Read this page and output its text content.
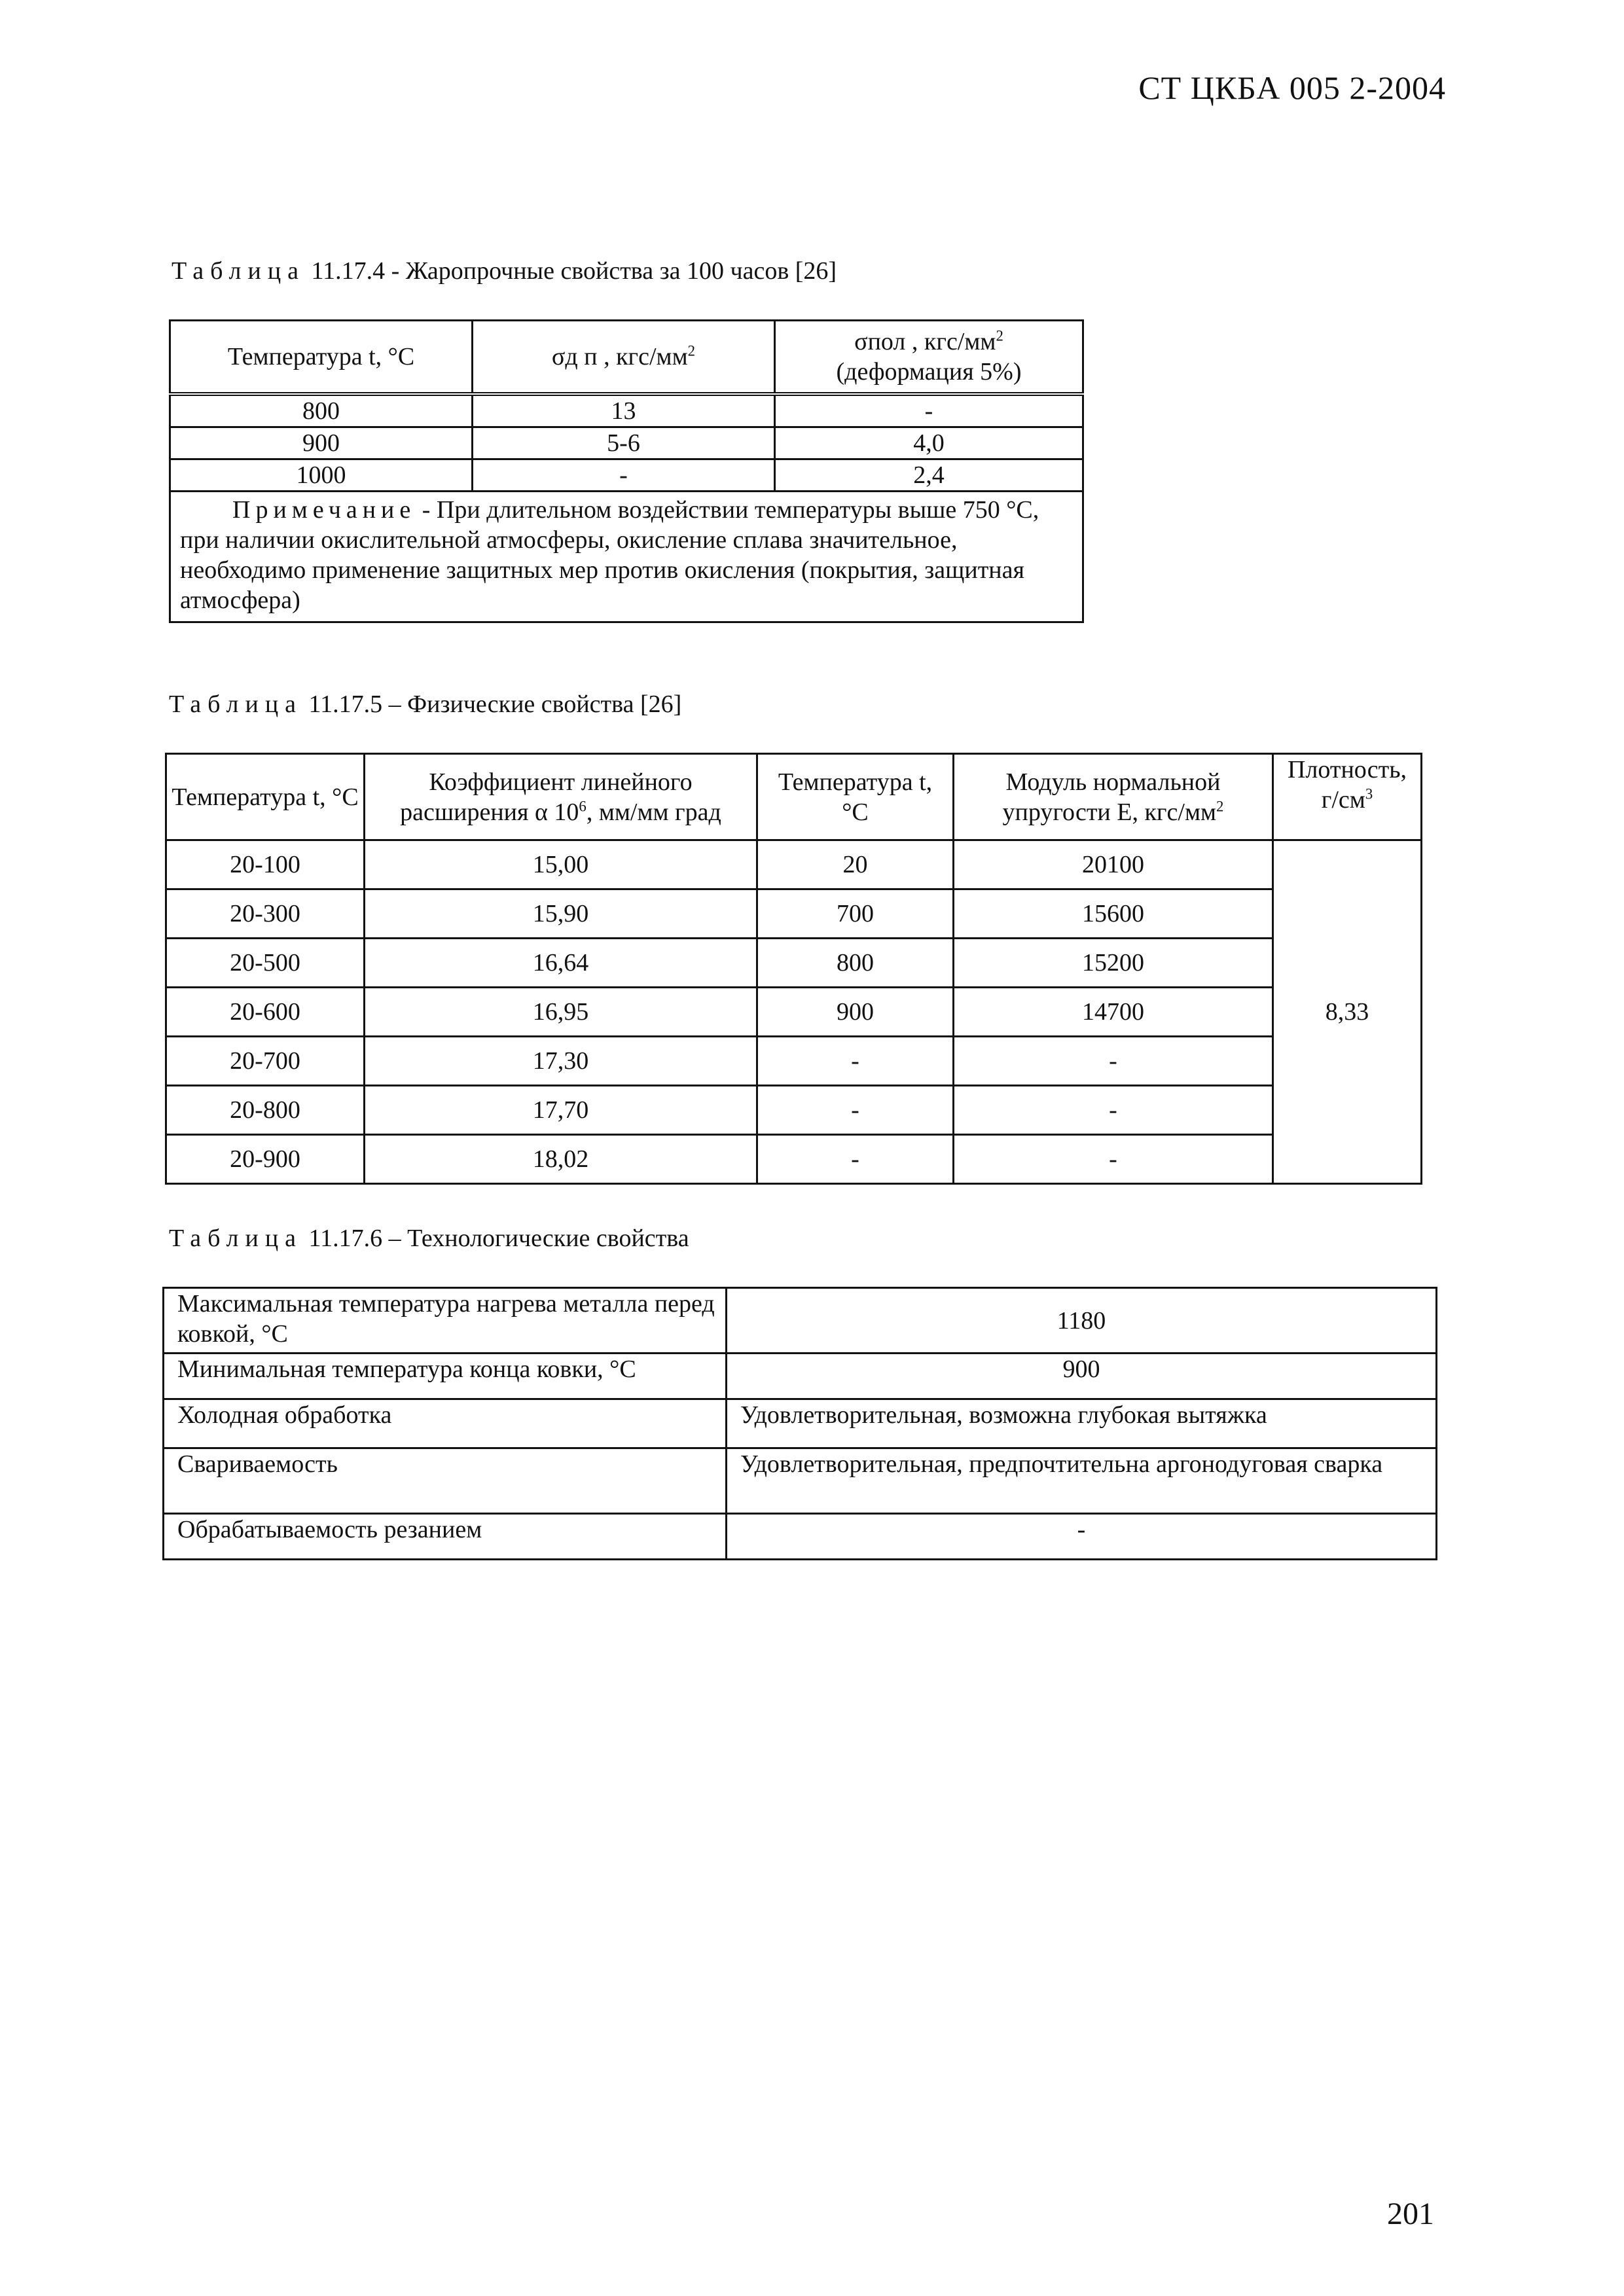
СТ ЦКБА 005 2-2004
Таблица 11.17.4 - Жаропрочные свойства за 100 часов [26]
Температура t, °C	σд п , кгс/$мм^2$	σпол , кгс/$мм^2$
(деформация 5%)
800	13	-
900	5-6	4,0
1000	-	2,4
Примечание - При длительном воздействии температуры выше 750 °С, при наличии окислительной атмосферы, окисление сплава значительное, необходимо применение защитных мер против окисления (покрытия, защитная атмосфера)		
Таблица 11.17.5 – Физические свойства [26]
Температура t, °C	Коэффициент линейного расширения α $10^6$, мм/мм град	Температура t, °C	Модуль нормальной упругости E, кгс/$мм^2$	Плотность, $г/см^3$
20-100	15,00	20	20100	8,33
20-300	15,90	700	15600	
20-500	16,64	800	15200	
20-600	16,95	900	14700	
20-700	17,30	-	-	
20-800	17,70	-	-	
20-900	18,02	-	-	
Таблица 11.17.6 – Технологические свойства
Максимальная температура нагрева металла перед ковкой, °С	1180
Минимальная температура конца ковки, °С	900
Холодная обработка	Удовлетворительная, возможна глубокая вытяжка
Свариваемость	Удовлетворительная, предпочтительна аргонодуговая сварка
Обрабатываемость резанием	-
201
